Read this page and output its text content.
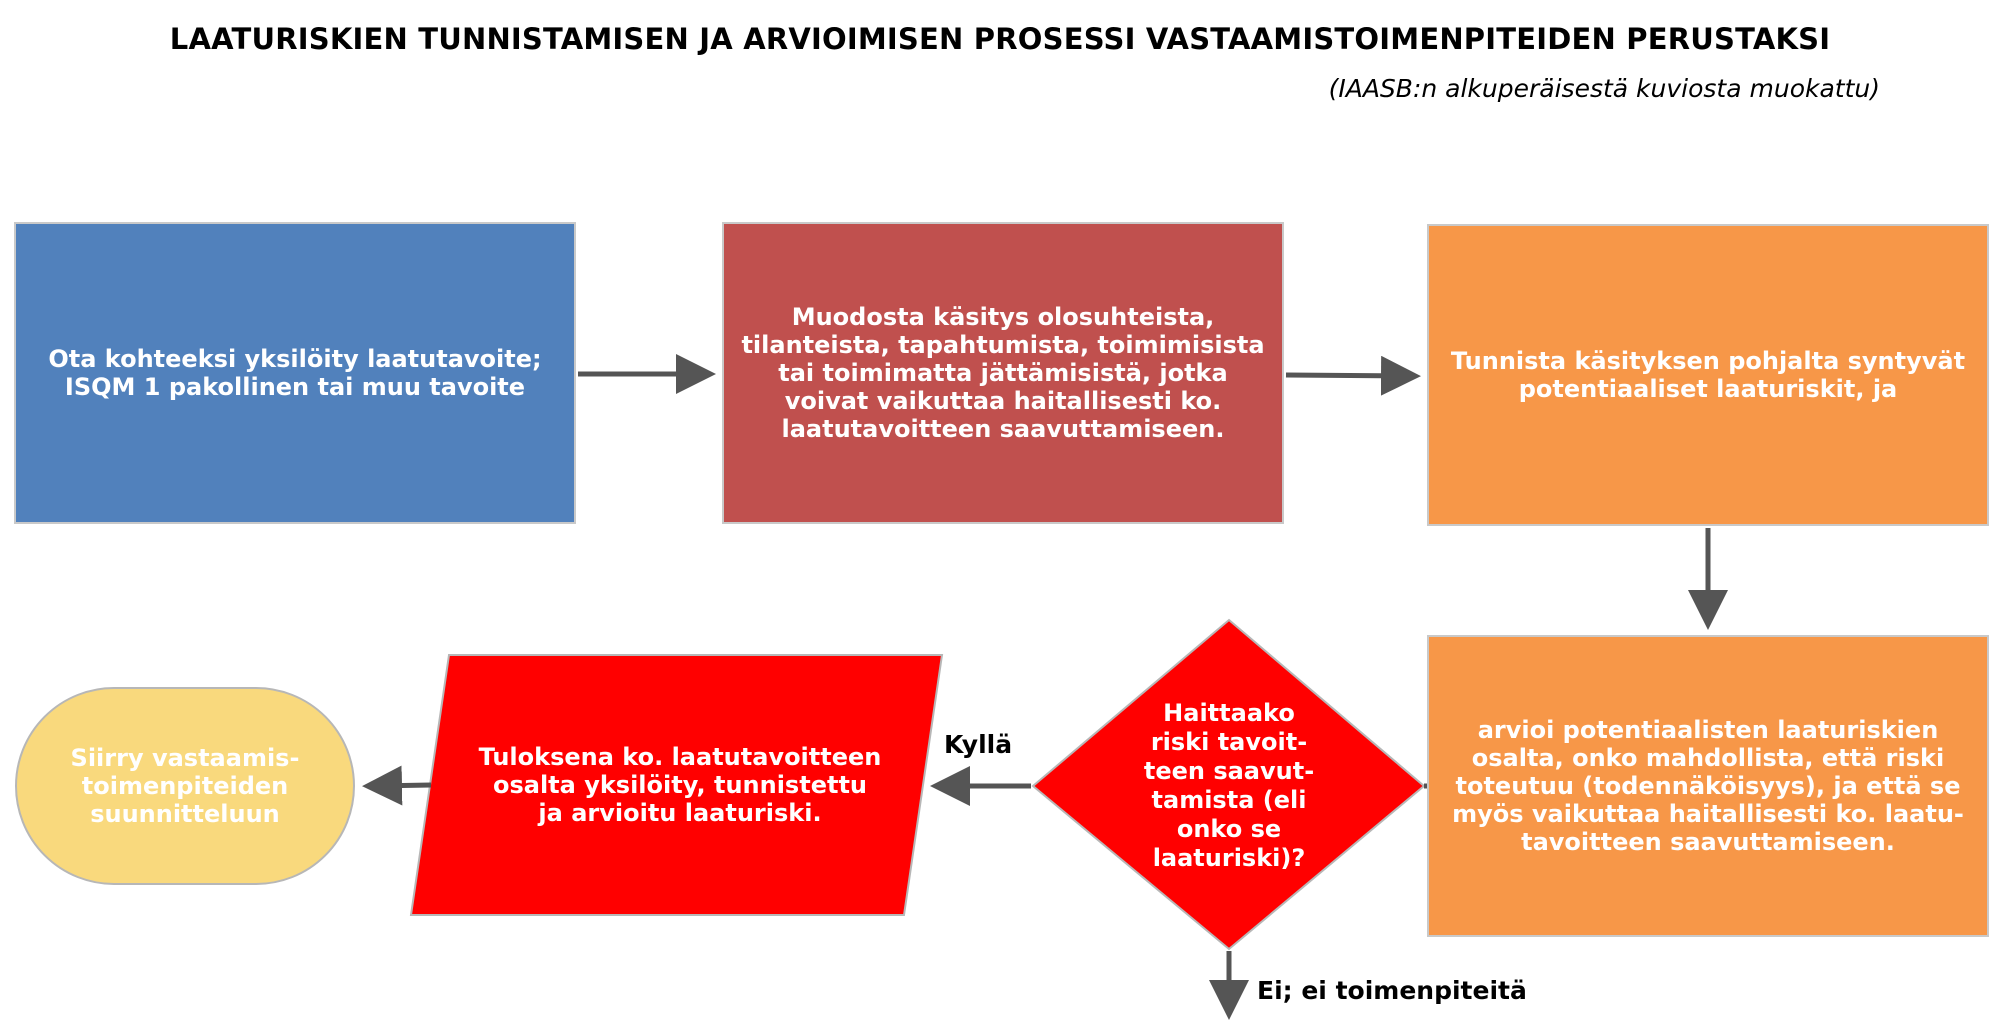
LAATURISKIEN TUNNISTAMISEN JA ARVIOIMISEN PROSESSI VASTAAMISTOIMENPITEIDEN PERUSTAKSI
(IAASB:n alkuperäisestä kuviosta muokattu)
Ota kohteeksi yksilöity laatutavoite;
ISQM 1 pakollinen tai muu tavoite
Muodosta käsitys olosuhteista,
tilanteista, tapahtumista, toimimisista
tai toimimatta jättämisistä, jotka
voivat vaikuttaa haitallisesti ko.
laatutavoitteen saavuttamiseen.
Tunnista käsityksen pohjalta syntyvät
potentiaaliset laaturiskit, ja
arvioi potentiaalisten laaturiskien
osalta, onko mahdollista, että riski
toteutuu (todennäköisyys), ja että se
myös vaikuttaa haitallisesti ko. laatu-
tavoitteen saavuttamiseen.
Haittaako
riski tavoit-
teen saavut-
tamista (eli
onko se
laaturiski)?
Tuloksena ko. laatutavoitteen
osalta yksilöity, tunnistettu
ja arvioitu laaturiski.
Siirry vastaamis-
toimenpiteiden
suunnitteluun
Kyllä
Ei; ei toimenpiteitä
